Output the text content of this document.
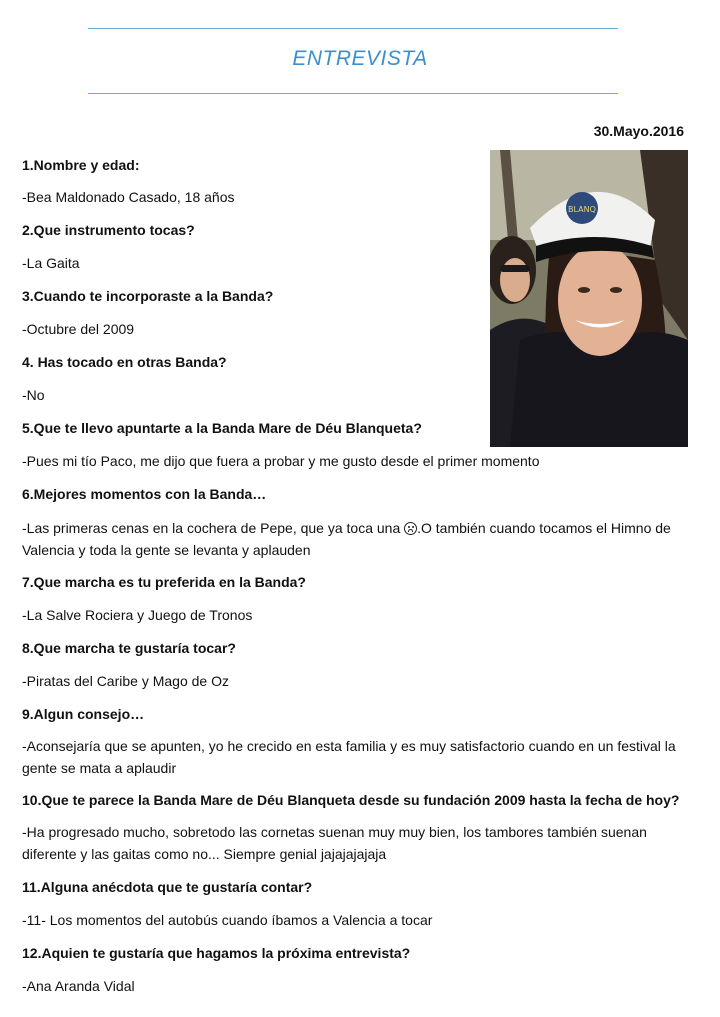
ENTREVISTA
30.Mayo.2016
BLANQ
1.Nombre y edad:
-Bea Maldonado Casado, 18 años
2.Que instrumento tocas?
-La Gaita
3.Cuando te incorporaste a la Banda?
-Octubre del 2009
4. Has tocado en otras Banda?
-No
5.Que te llevo apuntarte a la Banda Mare de Déu Blanqueta?
-Pues mi tío Paco, me dijo que fuera a probar y me gusto desde el primer momento
6.Mejores momentos con la Banda…
-Las primeras cenas en la cochera de Pepe, que ya toca una
.O también cuando tocamos el Himno de Valencia y toda la gente se levanta y aplauden
7.Que marcha es tu preferida en la Banda?
-La Salve Rociera y Juego de Tronos
8.Que marcha te gustaría tocar?
-Piratas del Caribe y Mago de Oz
9.Algun consejo…
-Aconsejaría que se apunten, yo he crecido en esta familia y es muy satisfactorio cuando en un festival la gente se mata a aplaudir
10.Que te parece la Banda Mare de Déu Blanqueta desde su fundación 2009 hasta la fecha de hoy?
-Ha progresado mucho, sobretodo las cornetas suenan muy muy bien, los tambores también suenan diferente y las gaitas como no... Siempre genial jajajajajaja
11.Alguna anécdota que te gustaría contar?
-11- Los momentos del autobús cuando íbamos a Valencia a tocar
12.Aquien te gustaría que hagamos la próxima entrevista?
-Ana Aranda Vidal
